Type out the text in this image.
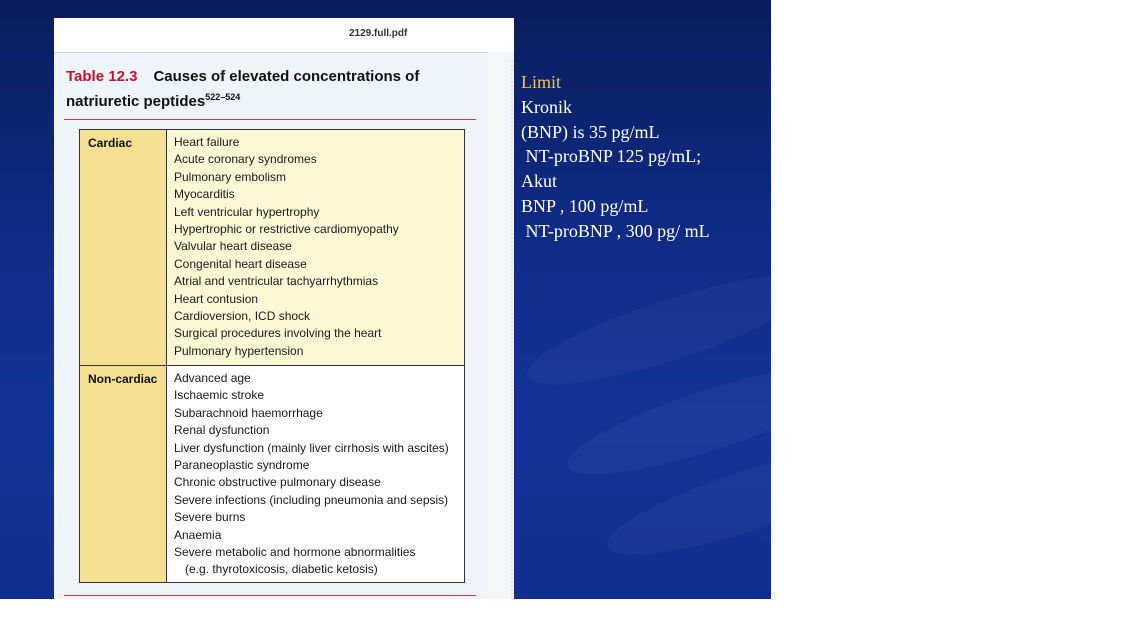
2129.full.pdf
Table 12.3 Causes of elevated concentrations of natriuretic peptides$^{522-524}$
Cardiac	Heart failure
Acute coronary syndromes
Pulmonary embolism
Myocarditis
Left ventricular hypertrophy
Hypertrophic or restrictive cardiomyopathy
Valvular heart disease
Congenital heart disease
Atrial and ventricular tachyarrhythmias
Heart contusion
Cardioversion, ICD shock
Surgical procedures involving the heart
Pulmonary hypertension
Non-cardiac Advanced age
Ischaemic stroke
Subarachnoid haemorrhage
Renal dysfunction
Liver dysfunction (mainly liver cirrhosis with ascites)
Paraneoplastic syndrome
Chronic obstructive pulmonary disease
Severe infections (including pneumonia and sepsis)
Severe burns
Anaemia
Severe metabolic and hormone abnormalities
(e.g. thyrotoxicosis, diabetic ketosis)
Limit
Kronik
(BNP) is 35 pg/mL
NT-proBNP 125 pg/mL;
Akut
BNP , 100 pg/mL
NT-proBNP , 300 pg/ mL
